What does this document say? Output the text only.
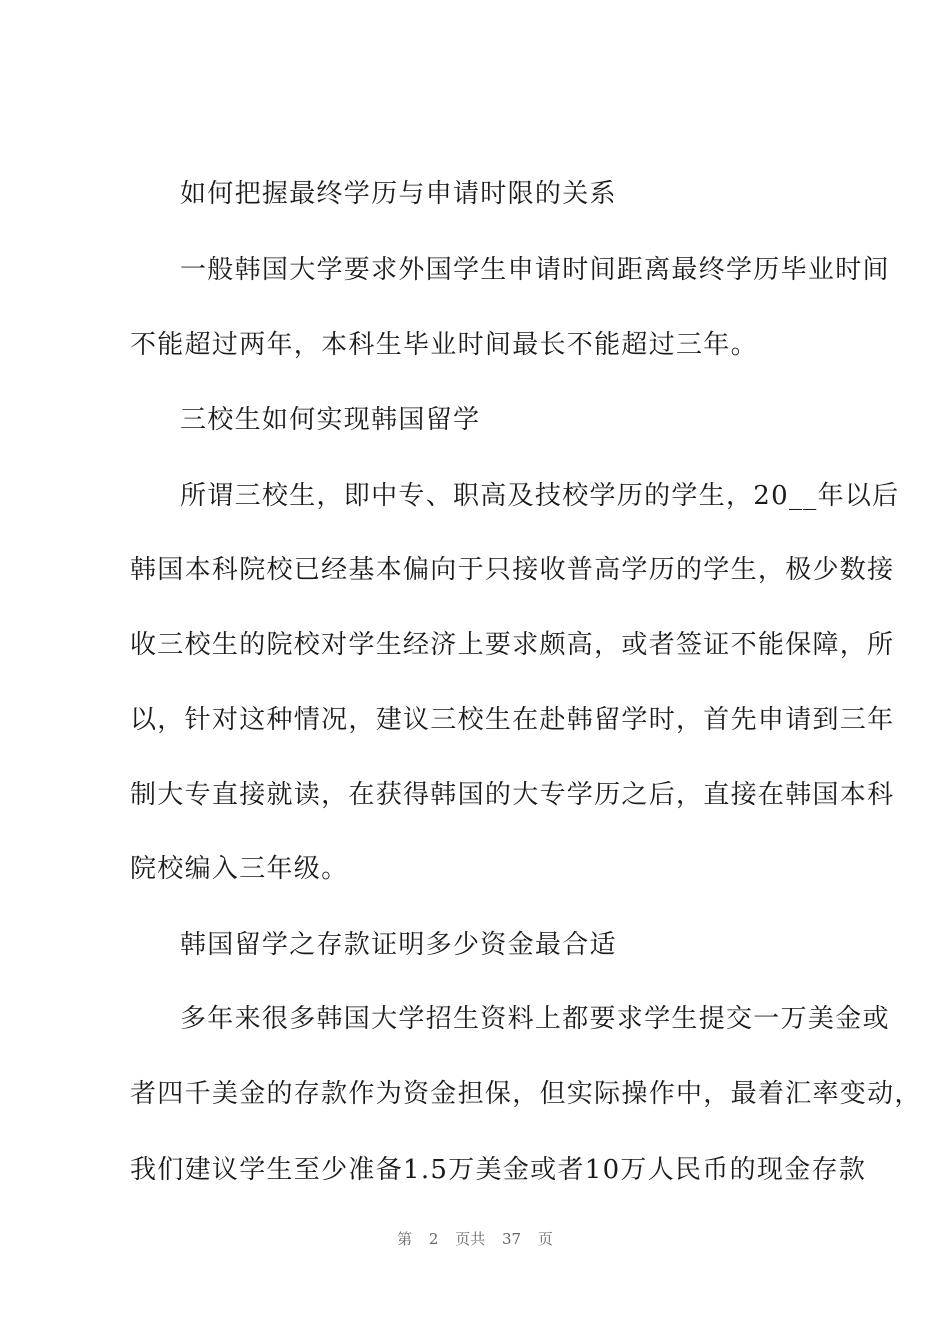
如何把握最终学历与申请时限的关系
一般韩国大学要求外国学生申请时间距离最终学历毕业时间
不能超过两年，本科生毕业时间最长不能超过三年。
三校生如何实现韩国留学
所谓三校生，即中专、职高及技校学历的学生，20__年以后
韩国本科院校已经基本偏向于只接收普高学历的学生，极少数接
收三校生的院校对学生经济上要求颇高，或者签证不能保障，所
以，针对这种情况，建议三校生在赴韩留学时，首先申请到三年
制大专直接就读，在获得韩国的大专学历之后，直接在韩国本科
院校编入三年级。
韩国留学之存款证明多少资金最合适
多年来很多韩国大学招生资料上都要求学生提交一万美金或
者四千美金的存款作为资金担保，但实际操作中，最着汇率变动，
我们建议学生至少准备1.5万美金或者10万人民币的现金存款
第 2 页共 37 页
